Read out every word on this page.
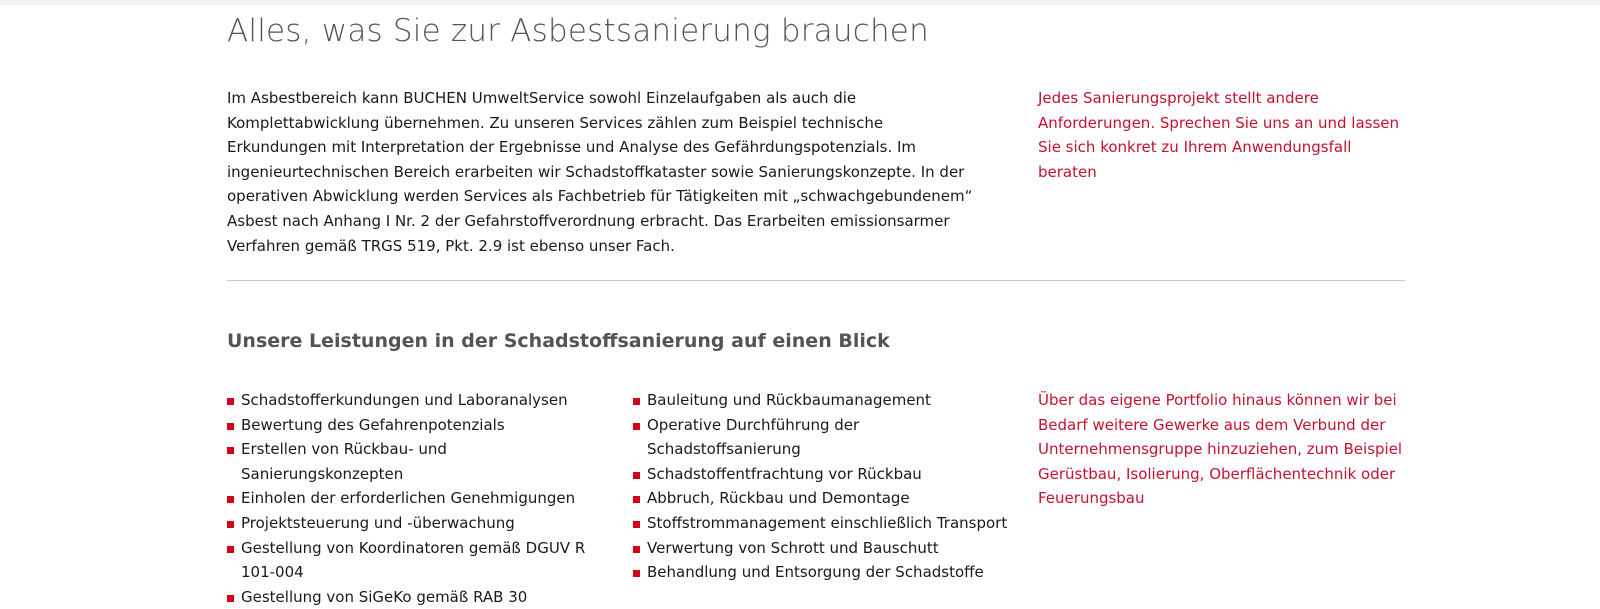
Alles, was Sie zur Asbestsanierung brauchen

Im Asbestbereich kann BUCHEN UmweltService sowohl Einzelaufgaben als auch die Komplettabwicklung übernehmen. Zu unseren Services zählen zum Beispiel technische Erkundungen mit Interpretation der Ergebnisse und Analyse des Gefährdungspotenzials. Im ingenieurtechnischen Bereich erarbeiten wir Schadstoffkataster sowie Sanierungskonzepte. In der operativen Abwicklung werden Services als Fachbetrieb für Tätigkeiten mit „schwachgebundenem“ Asbest nach Anhang I Nr. 2 der Gefahrstoffverordnung erbracht. Das Erarbeiten emissionsarmer Verfahren gemäß TRGS 519, Pkt. 2.9 ist ebenso unser Fach.

Jedes Sanierungsprojekt stellt andere Anforderungen. Sprechen Sie uns an und lassen Sie sich konkret zu Ihrem Anwendungsfall beraten

Unsere Leistungen in der Schadstoffsanierung auf einen Blick
Schadstofferkundungen und Laboranalysen
Bewertung des Gefahrenpotenzials
Erstellen von Rückbau- und Sanierungskonzepten
Einholen der erforderlichen Genehmigungen
Projektsteuerung und -überwachung
Gestellung von Koordinatoren gemäß DGUV R 101-004
Gestellung von SiGeKo gemäß RAB 30
Bauleitung und Rückbaumanagement
Operative Durchführung der Schadstoffsanierung
Schadstoffentfrachtung vor Rückbau
Abbruch, Rückbau und Demontage
Stoffstrommanagement einschließlich Transport
Verwertung von Schrott und Bauschutt
Behandlung und Entsorgung der Schadstoffe

Über das eigene Portfolio hinaus können wir bei Bedarf weitere Gewerke aus dem Verbund der Unternehmensgruppe hinzuziehen, zum Beispiel Gerüstbau, Isolierung, Oberflächentechnik oder Feuerungsbau
